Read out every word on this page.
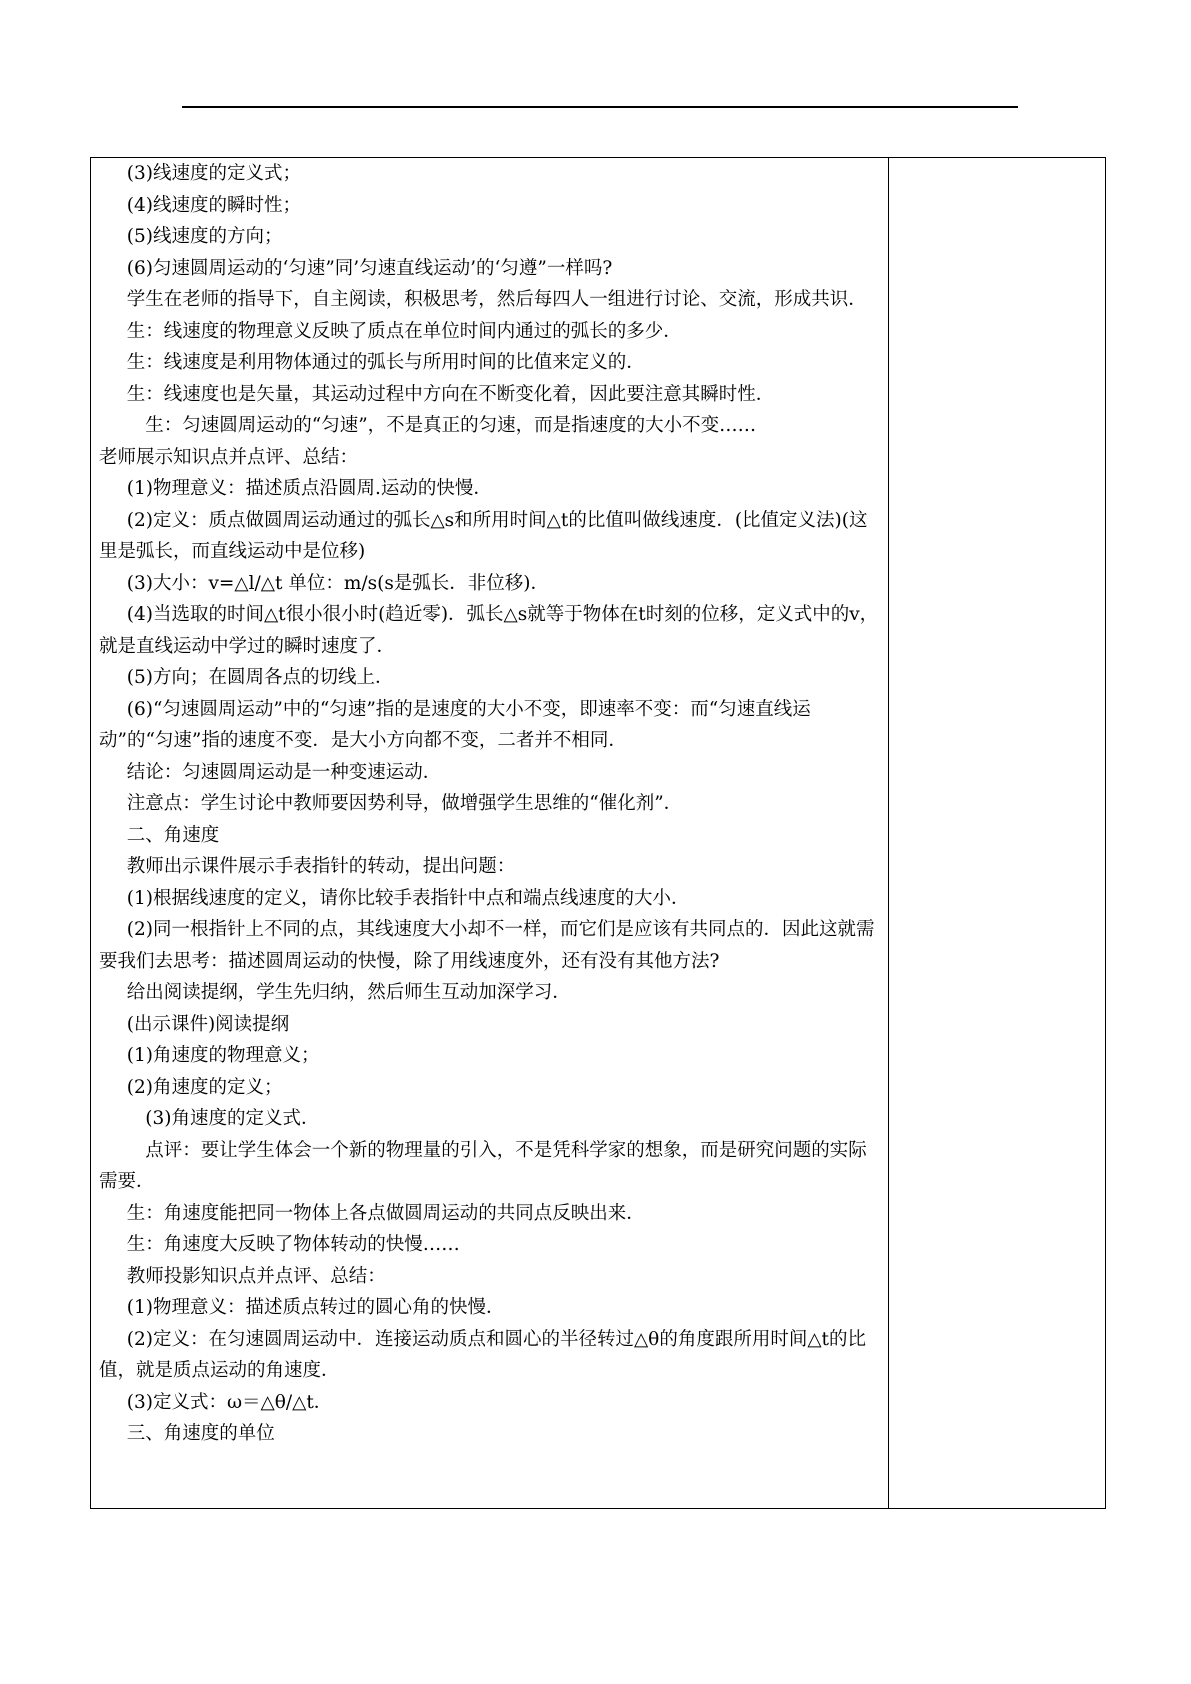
(3)线速度的定义式；

(4)线速度的瞬时性；

(5)线速度的方向；

(6)匀速圆周运动的‘匀速”同’匀速直线运动’的‘匀遵”一样吗?

学生在老师的指导下，自主阅读，积极思考，然后每四人一组进行讨论、交流，形成共识．

生：线速度的物理意义反映了质点在单位时间内通过的弧长的多少．

生：线速度是利用物体通过的弧长与所用时间的比值来定义的．

生：线速度也是矢量，其运动过程中方向在不断变化着，因此要注意其瞬时性．

生：匀速圆周运动的“匀速”，不是真正的匀速，而是指速度的大小不变……

老师展示知识点并点评、总结：

(1)物理意义：描述质点沿圆周.运动的快慢．

(2)定义：质点做圆周运动通过的弧长△s和所用时间△t的比值叫做线速度．(比值定义法)(这里是弧长，而直线运动中是位移)

(3)大小：v=△l/△t 单位：m/s(s是弧长．非位移)．

(4)当选取的时间△t很小很小时(趋近零)．弧长△s就等于物体在t时刻的位移，定义式中的v，就是直线运动中学过的瞬时速度了．

(5)方向；在圆周各点的切线上．

(6)“匀速圆周运动”中的“匀速”指的是速度的大小不变，即速率不变：而“匀速直线运动”的“匀速”指的速度不变．是大小方向都不变，二者并不相同．

结论：匀速圆周运动是一种变速运动．

注意点：学生讨论中教师要因势利导，做增强学生思维的“催化剂”．

二、角速度

教师出示课件展示手表指针的转动，提出问题：

(1)根据线速度的定义，请你比较手表指针中点和端点线速度的大小．

(2)同一根指针上不同的点，其线速度大小却不一样，而它们是应该有共同点的．因此这就需要我们去思考：描述圆周运动的快慢，除了用线速度外，还有没有其他方法?

给出阅读提纲，学生先归纳，然后师生互动加深学习．

(出示课件)阅读提纲

(1)角速度的物理意义；

(2)角速度的定义；

(3)角速度的定义式．

点评：要让学生体会一个新的物理量的引入，不是凭科学家的想象，而是研究问题的实际需要．

生：角速度能把同一物体上各点做圆周运动的共同点反映出来．

生：角速度大反映了物体转动的快慢……

教师投影知识点并点评、总结：

(1)物理意义：描述质点转过的圆心角的快慢．

(2)定义：在匀速圆周运动中．连接运动质点和圆心的半径转过△θ的角度跟所用时间△t的比值，就是质点运动的角速度．

(3)定义式：ω＝△θ/△t．

三、角速度的单位
